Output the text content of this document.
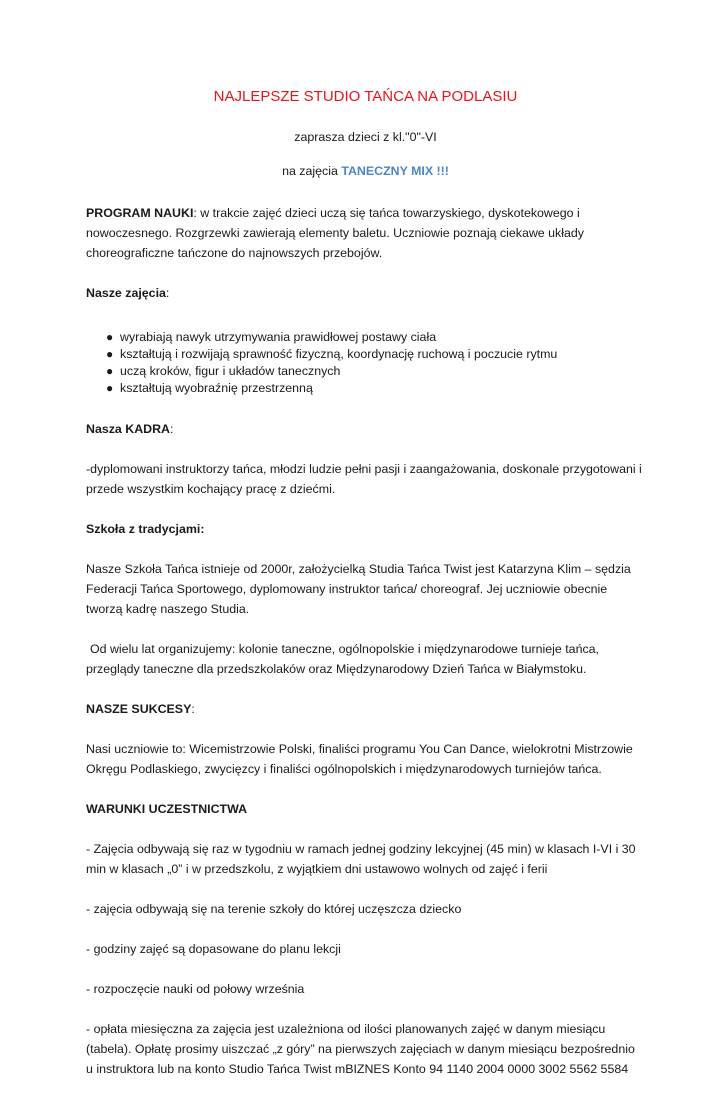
NAJLEPSZE STUDIO TAŃCA NA PODLASIU

zaprasza dzieci z kl."0"-VI

na zajęcia TANECZNY MIX !!!

PROGRAM NAUKI: w trakcie zajęć dzieci uczą się tańca towarzyskiego, dyskotekowego i nowoczesnego. Rozgrzewki zawierają elementy baletu. Uczniowie poznają ciekawe układy choreograficzne tańczone do najnowszych przebojów.

Nasze zajęcia:

● wyrabiają nawyk utrzymywania prawidłowej postawy ciała
● kształtują i rozwijają sprawność fizyczną, koordynację ruchową i poczucie rytmu
● uczą kroków, figur i układów tanecznych
● kształtują wyobraźnię przestrzenną

Nasza KADRA:

-dyplomowani instruktorzy tańca, młodzi ludzie pełni pasji i zaangażowania, doskonale przygotowani i przede wszystkim kochający pracę z dziećmi.

Szkoła z tradycjami:

Nasze Szkoła Tańca istnieje od 2000r, założycielką Studia Tańca Twist jest Katarzyna Klim – sędzia Federacji Tańca Sportowego, dyplomowany instruktor tańca/ choreograf. Jej uczniowie obecnie tworzą kadrę naszego Studia.

Od wielu lat organizujemy: kolonie taneczne, ogólnopolskie i międzynarodowe turnieje tańca, przeglądy taneczne dla przedszkolaków oraz Międzynarodowy Dzień Tańca w Białymstoku.

NASZE SUKCESY:

Nasi uczniowie to: Wicemistrzowie Polski, finaliści programu You Can Dance, wielokrotni Mistrzowie Okręgu Podlaskiego, zwycięzcy i finaliści ogólnopolskich i międzynarodowych turniejów tańca.

WARUNKI UCZESTNICTWA

- Zajęcia odbywają się raz w tygodniu w ramach jednej godziny lekcyjnej (45 min) w klasach I-VI i 30 min w klasach „0” i w przedszkolu, z wyjątkiem dni ustawowo wolnych od zajęć i ferii

- zajęcia odbywają się na terenie szkoły do której uczęszcza dziecko

- godziny zajęć są dopasowane do planu lekcji

- rozpoczęcie nauki od połowy września

- opłata miesięczna za zajęcia jest uzależniona od ilości planowanych zajęć w danym miesiącu (tabela). Opłatę prosimy uiszczać „z góry” na pierwszych zajęciach w danym miesiącu bezpośrednio u instruktora lub na konto Studio Tańca Twist mBIZNES Konto 94 1140 2004 0000 3002 5562 5584
